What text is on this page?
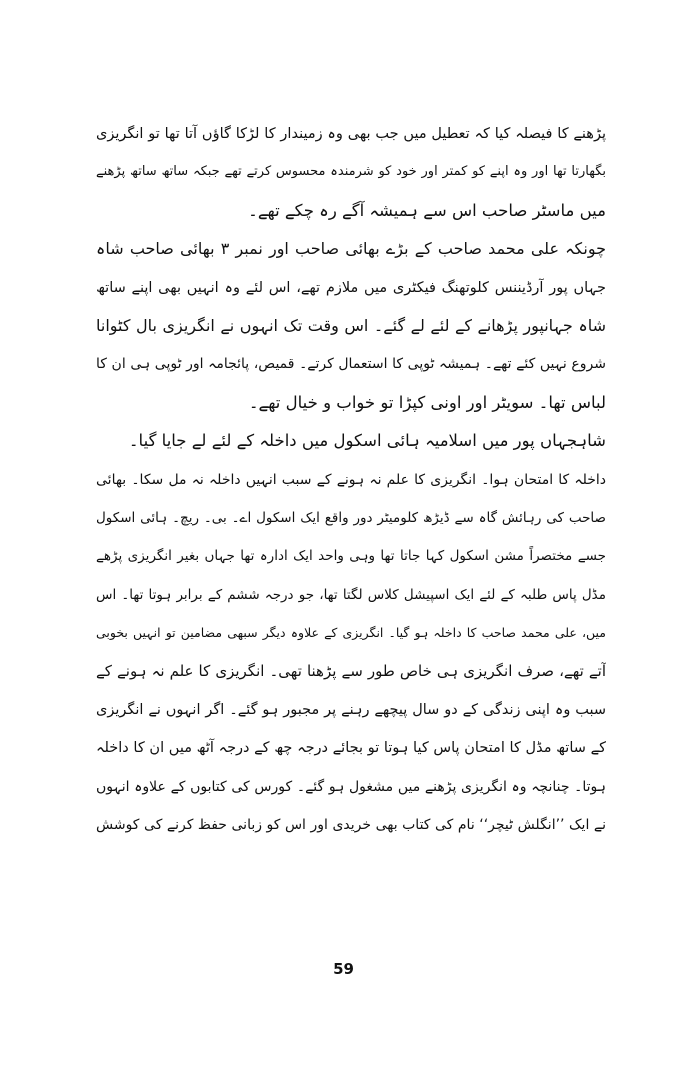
پڑھنے کا فیصلہ کیا کہ تعطیل میں جب بھی وہ زمیندار کا لڑکا گاؤں آتا تھا تو انگریزی
بگھارتا تھا اور وہ اپنے کو کمتر اور خود کو شرمندہ محسوس کرتے تھے جبکہ ساتھ ساتھ پڑھنے
میں ماسٹر صاحب اس سے ہمیشہ آگے رہ چکے تھے۔
چونکہ علی محمد صاحب کے بڑے بھائی صاحب اور نمبر ۳ بھائی صاحب شاہ
جہاں پور آرڈیننس کلوتھنگ فیکٹری میں ملازم تھے، اس لئے وہ انہیں بھی اپنے ساتھ
شاہ جہانپور پڑھانے کے لئے لے گئے۔ اس وقت تک انہوں نے انگریزی بال کٹوانا
شروع نہیں کئے تھے۔ ہمیشہ ٹوپی کا استعمال کرتے۔ قمیص، پائجامہ اور ٹوپی ہی ان کا
لباس تھا۔ سویٹر اور اونی کپڑا تو خواب و خیال تھے۔
شاہجہاں پور میں اسلامیہ ہائی اسکول میں داخلہ کے لئے لے جایا گیا۔
داخلہ کا امتحان ہوا۔ انگریزی کا علم نہ ہونے کے سبب انہیں داخلہ نہ مل سکا۔ بھائی
صاحب کی رہائش گاہ سے ڈیڑھ کلومیٹر دور واقع ایک اسکول اے۔ بی۔ ریچ۔ ہائی اسکول
جسے مختصراً مشن اسکول کہا جاتا تھا وہی واحد ایک ادارہ تھا جہاں بغیر انگریزی پڑھے
مڈل پاس طلبہ کے لئے ایک اسپیشل کلاس لگتا تھا، جو درجہ ششم کے برابر ہوتا تھا۔ اس
میں، علی محمد صاحب کا داخلہ ہو گیا۔ انگریزی کے علاوہ دیگر سبھی مضامین تو انہیں بخوبی
آتے تھے، صرف انگریزی ہی خاص طور سے پڑھنا تھی۔ انگریزی کا علم نہ ہونے کے
سبب وہ اپنی زندگی کے دو سال پیچھے رہنے پر مجبور ہو گئے۔ اگر انہوں نے انگریزی
کے ساتھ مڈل کا امتحان پاس کیا ہوتا تو بجائے درجہ چھ کے درجہ آٹھ میں ان کا داخلہ
ہوتا۔ چنانچہ وہ انگریزی پڑھنے میں مشغول ہو گئے۔ کورس کی کتابوں کے علاوہ انہوں
نے ایک ’’انگلش ٹیچر‘‘ نام کی کتاب بھی خریدی اور اس کو زبانی حفظ کرنے کی کوشش
59
